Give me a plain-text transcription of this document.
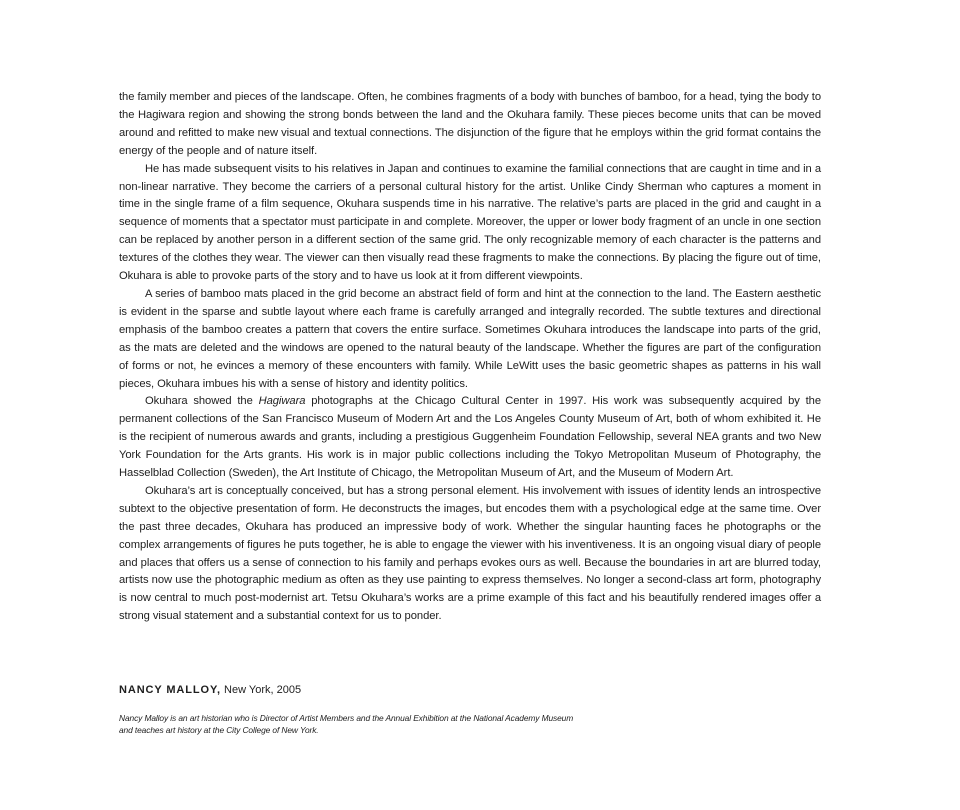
the family member and pieces of the landscape. Often, he combines fragments of a body with bunches of bamboo, for a head, tying the body to the Hagiwara region and showing the strong bonds between the land and the Okuhara family. These pieces become units that can be moved around and refitted to make new visual and textual connections. The disjunction of the figure that he employs within the grid format contains the energy of the people and of nature itself.

He has made subsequent visits to his relatives in Japan and continues to examine the familial connections that are caught in time and in a non-linear narrative. They become the carriers of a personal cultural history for the artist. Unlike Cindy Sherman who captures a moment in time in the single frame of a film sequence, Okuhara suspends time in his narrative. The relative’s parts are placed in the grid and caught in a sequence of moments that a spectator must participate in and complete. Moreover, the upper or lower body fragment of an uncle in one section can be replaced by another person in a different section of the same grid. The only recognizable memory of each character is the patterns and textures of the clothes they wear. The viewer can then visually read these fragments to make the connections. By placing the figure out of time, Okuhara is able to provoke parts of the story and to have us look at it from different viewpoints.

A series of bamboo mats placed in the grid become an abstract field of form and hint at the connection to the land. The Eastern aesthetic is evident in the sparse and subtle layout where each frame is carefully arranged and integrally recorded. The subtle textures and directional emphasis of the bamboo creates a pattern that covers the entire surface. Sometimes Okuhara introduces the landscape into parts of the grid, as the mats are deleted and the windows are opened to the natural beauty of the landscape. Whether the figures are part of the configuration of forms or not, he evinces a memory of these encounters with family. While LeWitt uses the basic geometric shapes as patterns in his wall pieces, Okuhara imbues his with a sense of history and identity politics.

Okuhara showed the Hagiwara photographs at the Chicago Cultural Center in 1997. His work was subsequently acquired by the permanent collections of the San Francisco Museum of Modern Art and the Los Angeles County Museum of Art, both of whom exhibited it. He is the recipient of numerous awards and grants, including a prestigious Guggenheim Foundation Fellowship, several NEA grants and two New York Foundation for the Arts grants. His work is in major public collections including the Tokyo Metropolitan Museum of Photography, the Hasselblad Collection (Sweden), the Art Institute of Chicago, the Metropolitan Museum of Art, and the Museum of Modern Art.

Okuhara’s art is conceptually conceived, but has a strong personal element. His involvement with issues of identity lends an introspective subtext to the objective presentation of form. He deconstructs the images, but encodes them with a psychological edge at the same time. Over the past three decades, Okuhara has produced an impressive body of work. Whether the singular haunting faces he photographs or the complex arrangements of figures he puts together, he is able to engage the viewer with his inventiveness. It is an ongoing visual diary of people and places that offers us a sense of connection to his family and perhaps evokes ours as well. Because the boundaries in art are blurred today, artists now use the photographic medium as often as they use painting to express themselves. No longer a second-class art form, photography is now central to much post-modernist art. Tetsu Okuhara’s works are a prime example of this fact and his beautifully rendered images offer a strong visual statement and a substantial context for us to ponder.

NANCY MALLOY, New York, 2005
Nancy Malloy is an art historian who is Director of Artist Members and the Annual Exhibition at the National Academy Museum
and teaches art history at the City College of New York.
